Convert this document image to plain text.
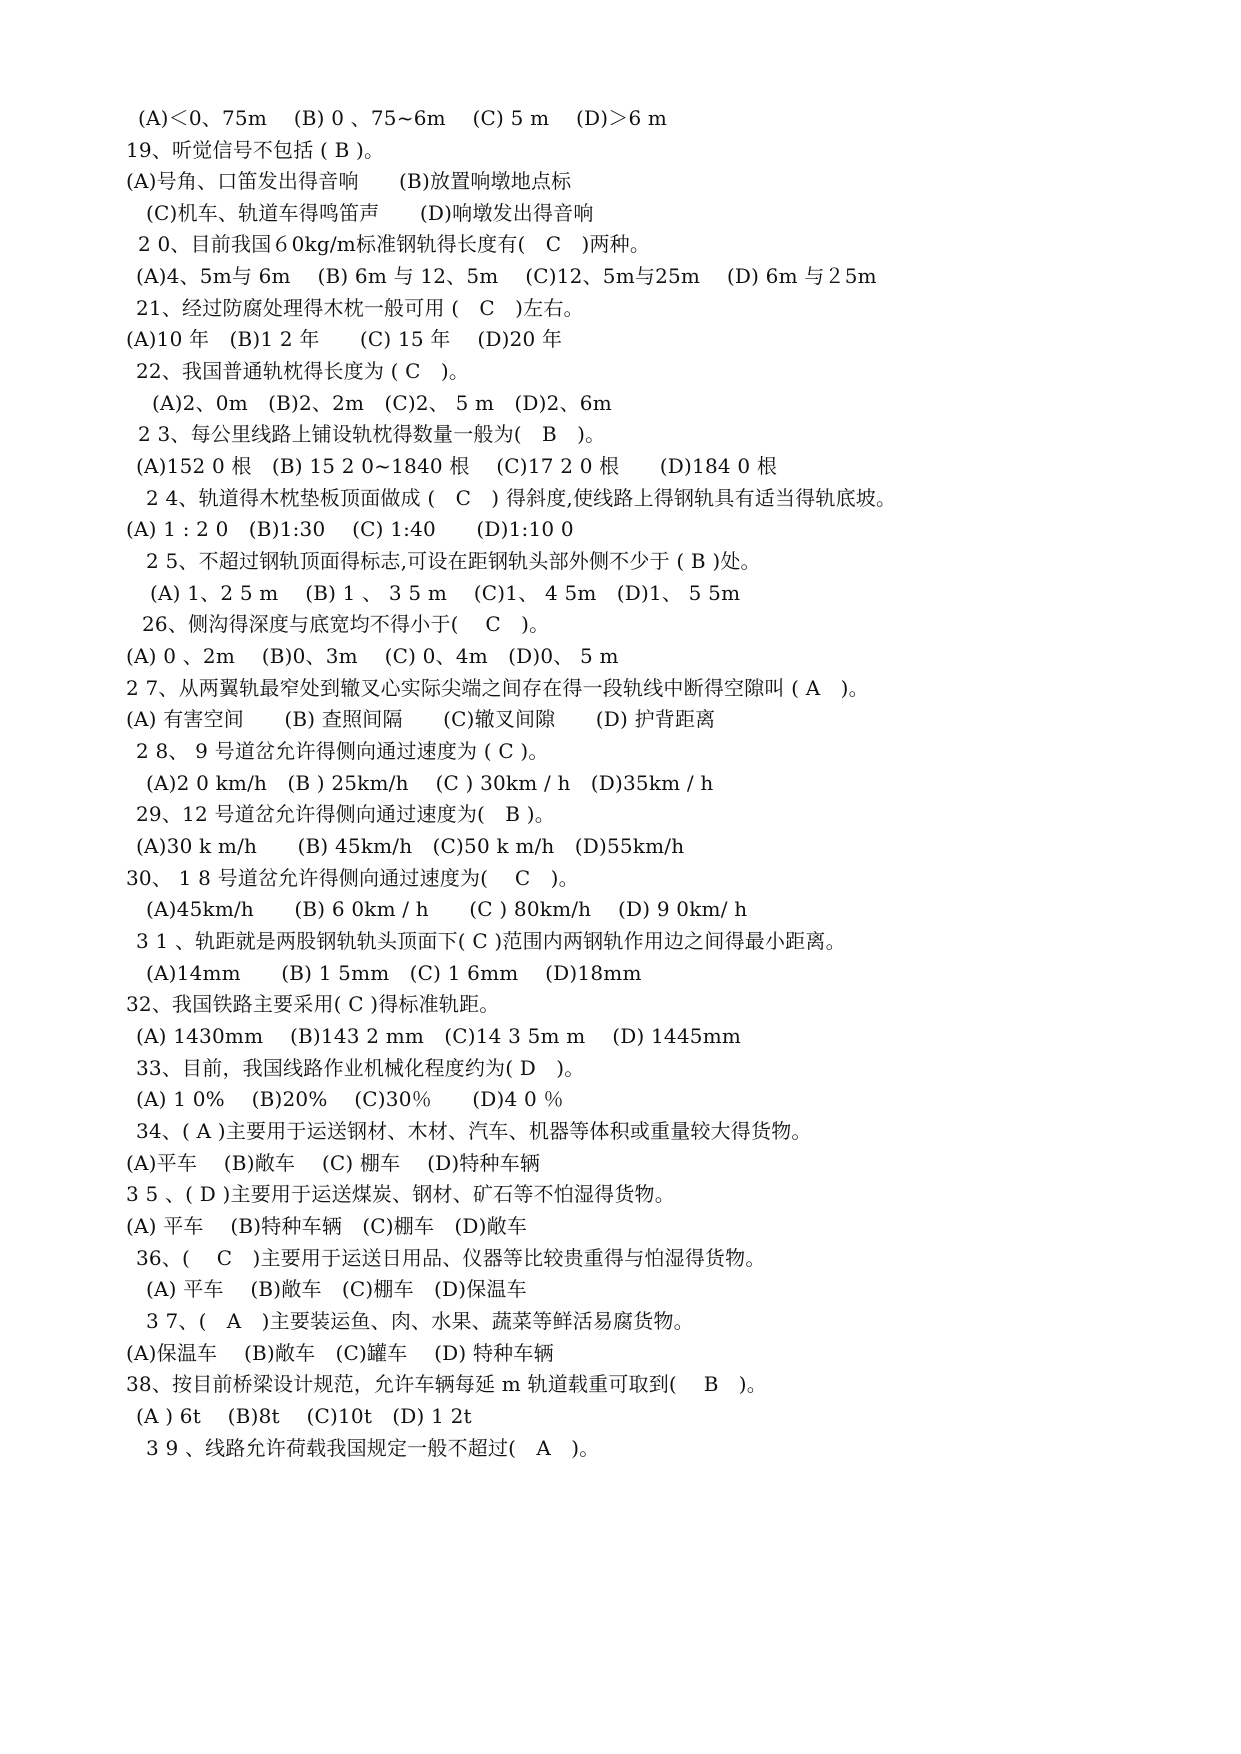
(A)＜0、75m　 (B) 0 、75~6m　 (C) 5 m　 (D)＞6 m
19、听觉信号不包括 ( B )。
(A)号角、口笛发出得音响　　(B)放置响墩地点标
(C)机车、轨道车得鸣笛声　　(D)响墩发出得音响
2 0、目前我国６0kg/m标准钢轨得长度有(　C　)两种。
(A)4、5m与 6m　 (B) 6m 与 12、5m　 (C)12、5m与25m　 (D) 6m 与２5m
21、经过防腐处理得木枕一般可用 (　C　)左右。
(A)10 年　(B)1 2 年　　(C) 15 年　 (D)20 年
22、我国普通轨枕得长度为 ( C　)。
(A)2、0m　(B)2、2m　(C)2、 5 m　(D)2、6m
2 3、每公里线路上铺设轨枕得数量一般为(　B　)。
(A)152 0 根　(B) 15 2 0~1840 根　 (C)17 2 0 根　　(D)184 0 根
2 4、轨道得木枕垫板顶面做成 (　C　) 得斜度,使线路上得钢轨具有适当得轨底坡。
(A) 1 : 2 0　(B)1:30　 (C) 1:40　　(D)1:10 0
2 5、不超过钢轨顶面得标志,可设在距钢轨头部外侧不少于 ( B )处。
(A) 1、2 5 m　 (B) 1 、 3 5 m　 (C)1、 4 5m　(D)1、 5 5m
26、侧沟得深度与底宽均不得小于(　 C　)。
(A) 0 、2m　 (B)0、3m　 (C) 0、4m　(D)0、 5 m
2 7、从两翼轨最窄处到辙叉心实际尖端之间存在得一段轨线中断得空隙叫 ( A　)。
(A) 有害空间　　(B) 查照间隔　　(C)辙叉间隙　　(D) 护背距离
2 8、 9 号道岔允许得侧向通过速度为 ( C )。
(A)2 0 km/h　(B ) 25km/h　 (C ) 30km / h　(D)35km / h
29、12 号道岔允许得侧向通过速度为(　B )。
(A)30 k m/h　　(B) 45km/h　(C)50 k m/h　(D)55km/h
30、 1 8 号道岔允许得侧向通过速度为(　 C　)。
(A)45km/h　　(B) 6 0km / h　　(C ) 80km/h　 (D) 9 0km/ h
3 1 、轨距就是两股钢轨轨头顶面下( C )范围内两钢轨作用边之间得最小距离。
(A)14mm　　(B) 1 5mm　(C) 1 6mm　 (D)18mm
32、我国铁路主要采用( C )得标准轨距。
(A) 1430mm　 (B)143 2 mm　(C)14 3 5m m　 (D) 1445mm
33、目前，我国线路作业机械化程度约为( D　)。
(A) 1 0%　 (B)20%　 (C)30％　　(D)4 0 ％
34、( A )主要用于运送钢材、木材、汽车、机器等体积或重量较大得货物。
(A)平车　 (B)敞车　 (C) 棚车　 (D)特种车辆
3 5 、( D )主要用于运送煤炭、钢材、矿石等不怕湿得货物。
(A) 平车　 (B)特种车辆　(C)棚车　(D)敞车
36、(　 C　)主要用于运送日用品、仪器等比较贵重得与怕湿得货物。
(A) 平车　 (B)敞车　(C)棚车　(D)保温车
3 7、(　A　)主要装运鱼、肉、水果、蔬菜等鲜活易腐货物。
(A)保温车　 (B)敞车　(C)罐车　 (D) 特种车辆
38、按目前桥梁设计规范，允许车辆每延 m 轨道载重可取到(　 B　)。
(A ) 6t　 (B)8t　 (C)10t　(D) 1 2t
3 9 、线路允许荷载我国规定一般不超过(　A　)。
